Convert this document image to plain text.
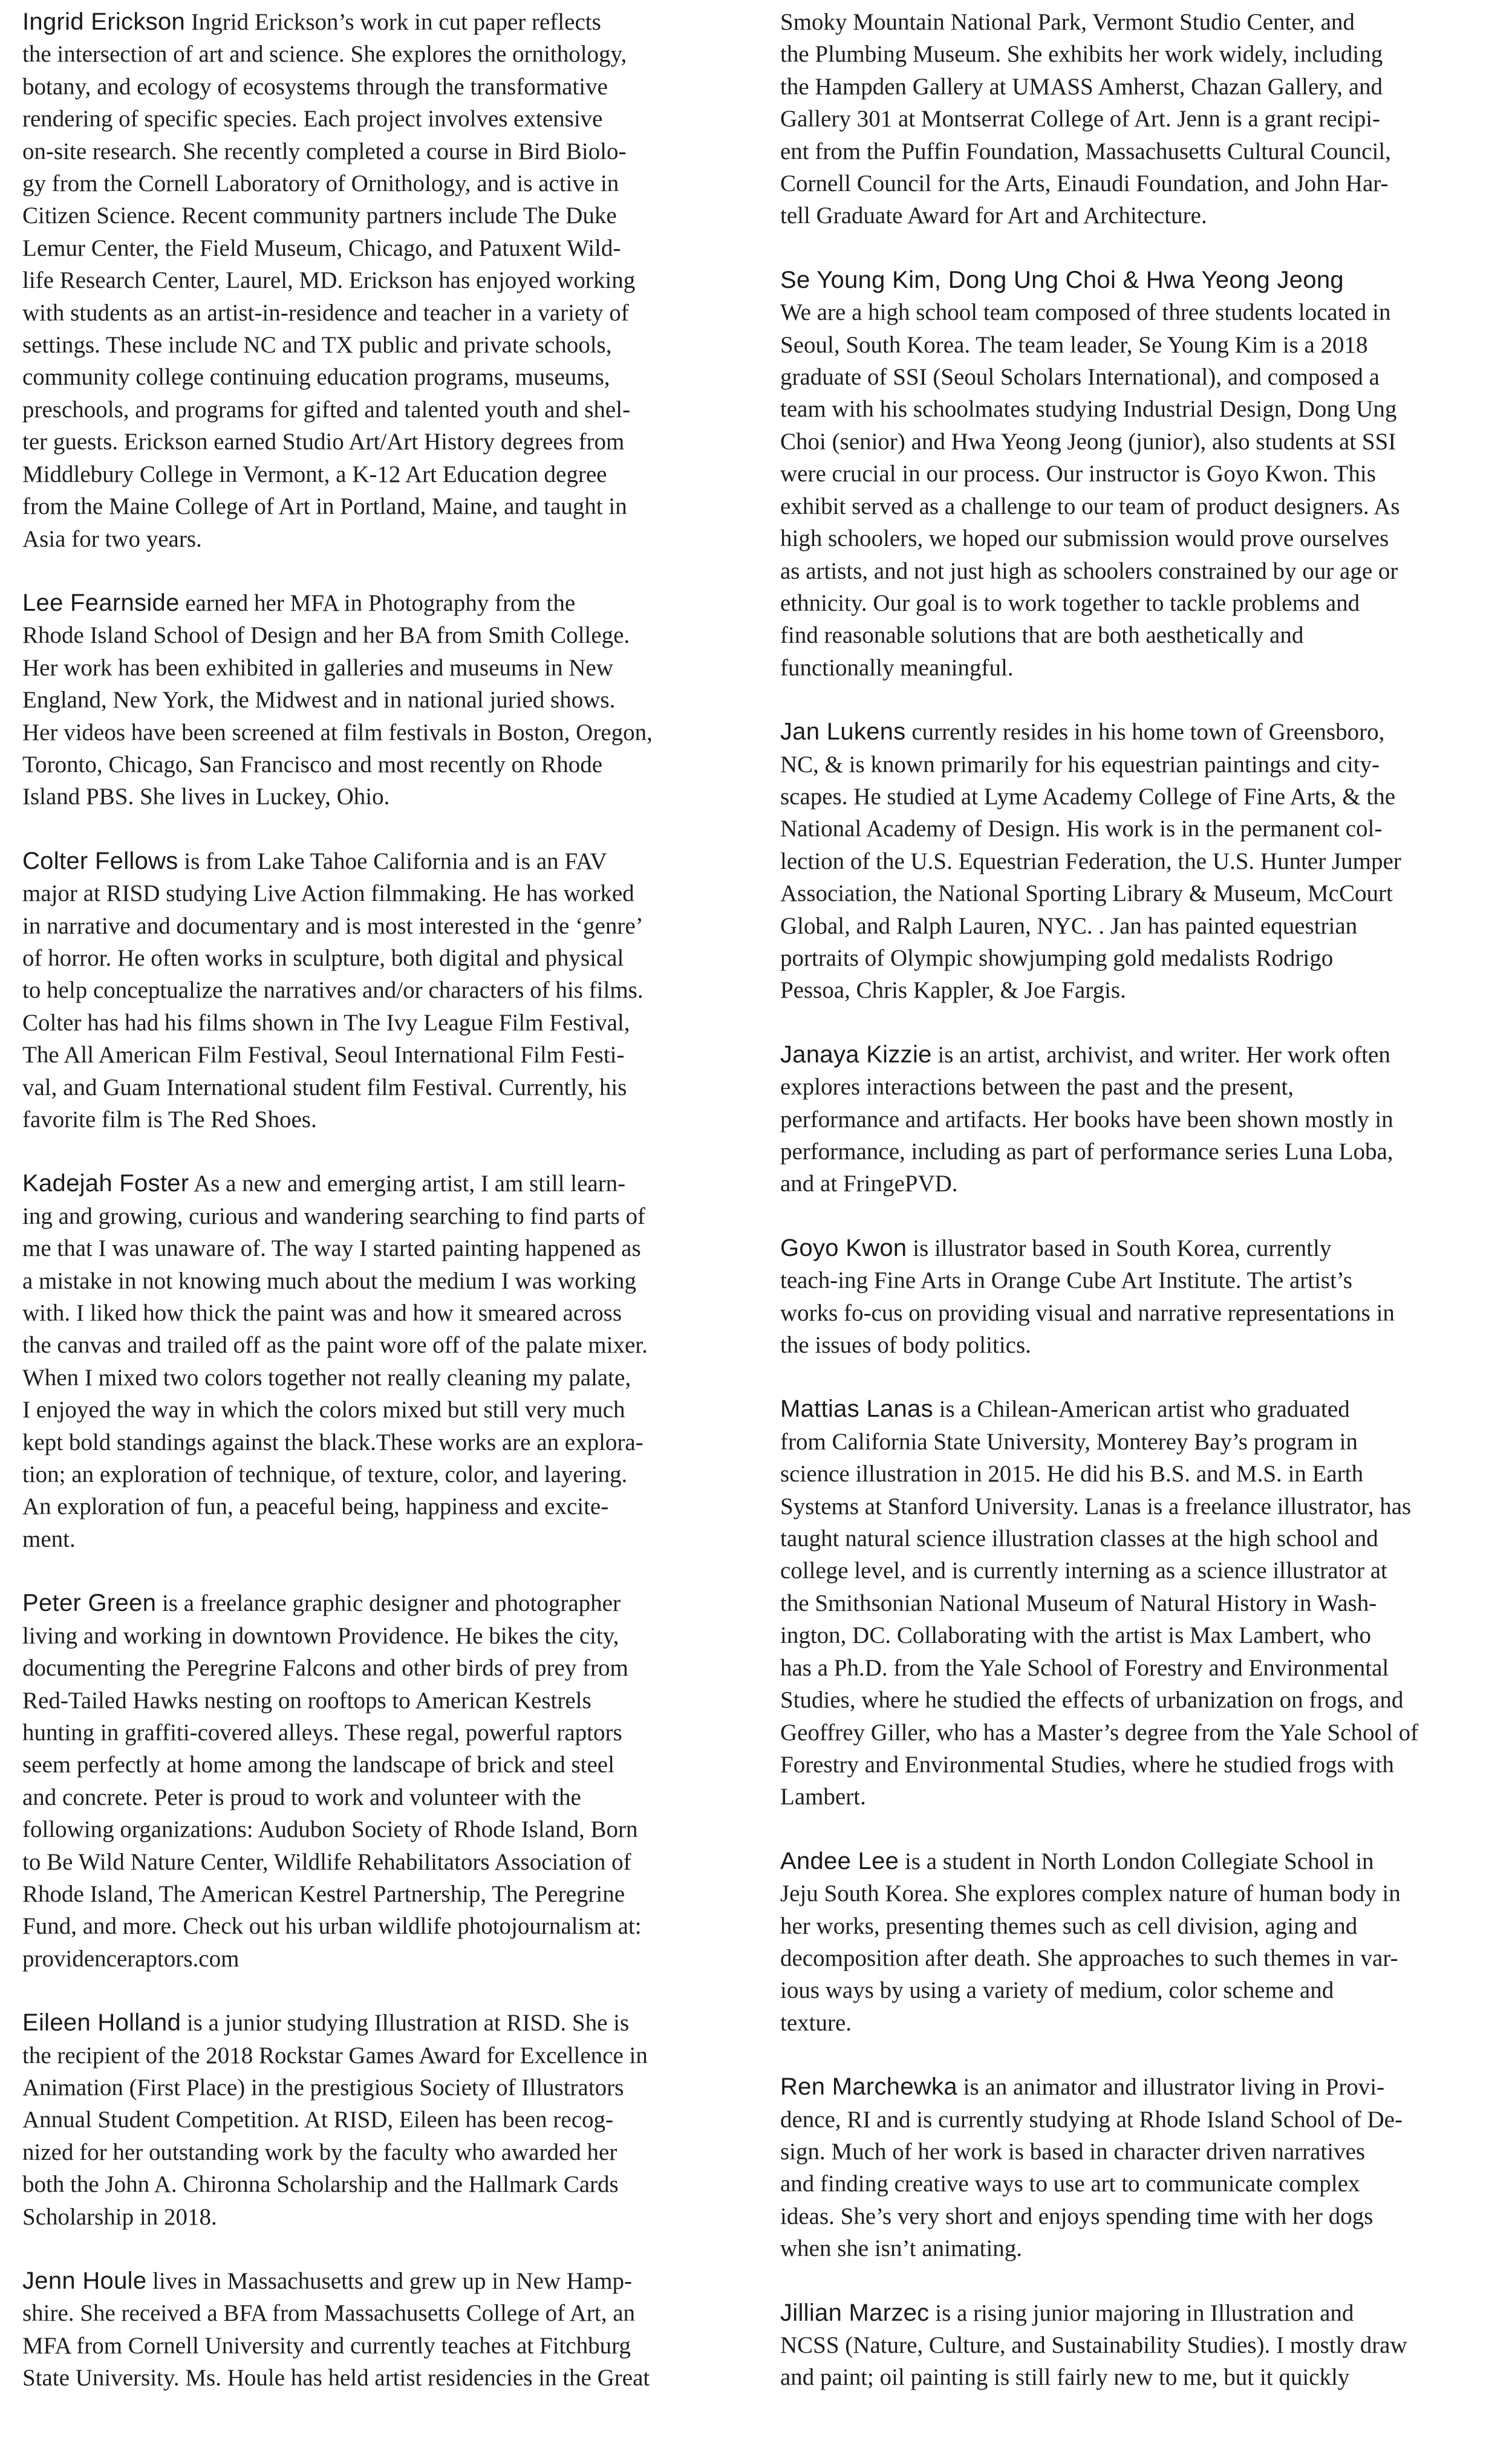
Ingrid Erickson Ingrid Erickson’s work in cut paper reflects

the intersection of art and science. She explores the ornithology,
botany, and ecology of ecosystems through the transformative
rendering of specific species. Each project involves extensive
on-site research. She recently completed a course in Bird Biolo-
gy from the Cornell Laboratory of Ornithology, and is active in
Citizen Science. Recent community partners include The Duke
Lemur Center, the Field Museum, Chicago, and Patuxent Wild-
life Research Center, Laurel, MD. Erickson has enjoyed working
with students as an artist-in-residence and teacher in a variety of
settings. These include NC and TX public and private schools,
community college continuing education programs, museums,
preschools, and programs for gifted and talented youth and shel-
ter guests. Erickson earned Studio Art/Art History degrees from
Middlebury College in Vermont, a K-12 Art Education degree
from the Maine College of Art in Portland, Maine, and taught in
Asia for two years.
Lee Fearnside earned her MFA in Photography from the

Rhode Island School of Design and her BA from Smith College.
Her work has been exhibited in galleries and museums in New
England, New York, the Midwest and in national juried shows.
Her videos have been screened at film festivals in Boston, Oregon,
Toronto, Chicago, San Francisco and most recently on Rhode
Island PBS. She lives in Luckey, Ohio.
Colter Fellows is from Lake Tahoe California and is an FAV

major at RISD studying Live Action filmmaking. He has worked
in narrative and documentary and is most interested in the ‘genre’
of horror. He often works in sculpture, both digital and physical
to help conceptualize the narratives and/or characters of his films.
Colter has had his films shown in The Ivy League Film Festival,
The All American Film Festival, Seoul International Film Festi-
val, and Guam International student film Festival. Currently, his
favorite film is The Red Shoes.
Kadejah Foster As a new and emerging artist, I am still learn-

ing and growing, curious and wandering searching to find parts of
me that I was unaware of. The way I started painting happened as
a mistake in not knowing much about the medium I was working
with. I liked how thick the paint was and how it smeared across
the canvas and trailed off as the paint wore off of the palate mixer.
When I mixed two colors together not really cleaning my palate,
I enjoyed the way in which the colors mixed but still very much
kept bold standings against the black.These works are an explora-
tion; an exploration of technique, of texture, color, and layering.
An exploration of fun, a peaceful being, happiness and excite-
ment.
Peter Green is a freelance graphic designer and photographer

living and working in downtown Providence. He bikes the city,
documenting the Peregrine Falcons and other birds of prey from
Red-Tailed Hawks nesting on rooftops to American Kestrels
hunting in graffiti-covered alleys. These regal, powerful raptors
seem perfectly at home among the landscape of brick and steel
and concrete. Peter is proud to work and volunteer with the
following organizations: Audubon Society of Rhode Island, Born
to Be Wild Nature Center, Wildlife Rehabilitators Association of
Rhode Island, The American Kestrel Partnership, The Peregrine
Fund, and more. Check out his urban wildlife photojournalism at:
providenceraptors.com
Eileen Holland is a junior studying Illustration at RISD. She is

the recipient of the 2018 Rockstar Games Award for Excellence in
Animation (First Place) in the prestigious Society of Illustrators
Annual Student Competition. At RISD, Eileen has been recog-
nized for her outstanding work by the faculty who awarded her
both the John A. Chironna Scholarship and the Hallmark Cards
Scholarship in 2018.
Jenn Houle lives in Massachusetts and grew up in New Hamp-

shire. She received a BFA from Massachusetts College of Art, an
MFA from Cornell University and currently teaches at Fitchburg
State University. Ms. Houle has held artist residencies in the Great
Smoky Mountain National Park, Vermont Studio Center, and
the Plumbing Museum. She exhibits her work widely, including
the Hampden Gallery at UMASS Amherst, Chazan Gallery, and
Gallery 301 at Montserrat College of Art. Jenn is a grant recipi-
ent from the Puffin Foundation, Massachusetts Cultural Council,
Cornell Council for the Arts, Einaudi Foundation, and John Har-
tell Graduate Award for Art and Architecture.
Se Young Kim, Dong Ung Choi & Hwa Yeong Jeong
We are a high school team composed of three students located in
Seoul, South Korea. The team leader, Se Young Kim is a 2018
graduate of SSI (Seoul Scholars International), and composed a
team with his schoolmates studying Industrial Design, Dong Ung
Choi (senior) and Hwa Yeong Jeong (junior), also students at SSI
were crucial in our process. Our instructor is Goyo Kwon. This
exhibit served as a challenge to our team of product designers. As
high schoolers, we hoped our submission would prove ourselves
as artists, and not just high as schoolers constrained by our age or
ethnicity. Our goal is to work together to tackle problems and
find reasonable solutions that are both aesthetically and
functionally meaningful.
Jan Lukens currently resides in his home town of Greensboro,

NC, & is known primarily for his equestrian paintings and city-
scapes. He studied at Lyme Academy College of Fine Arts, & the
National Academy of Design. His work is in the permanent col-
lection of the U.S. Equestrian Federation, the U.S. Hunter Jumper
Association, the National Sporting Library & Museum, McCourt
Global, and Ralph Lauren, NYC. . Jan has painted equestrian
portraits of Olympic showjumping gold medalists Rodrigo
Pessoa, Chris Kappler, & Joe Fargis.
Janaya Kizzie is an artist, archivist, and writer. Her work often

explores interactions between the past and the present,
performance and artifacts. Her books have been shown mostly in
performance, including as part of performance series Luna Loba,
and at FringePVD.
Goyo Kwon is illustrator based in South Korea, currently

teach-ing Fine Arts in Orange Cube Art Institute. The artist’s
works fo-cus on providing visual and narrative representations in
the issues of body politics.
Mattias Lanas is a Chilean-American artist who graduated

from California State University, Monterey Bay’s program in
science illustration in 2015. He did his B.S. and M.S. in Earth
Systems at Stanford University. Lanas is a freelance illustrator, has
taught natural science illustration classes at the high school and
college level, and is currently interning as a science illustrator at
the Smithsonian National Museum of Natural History in Wash-
ington, DC. Collaborating with the artist is Max Lambert, who
has a Ph.D. from the Yale School of Forestry and Environmental
Studies, where he studied the effects of urbanization on frogs, and
Geoffrey Giller, who has a Master’s degree from the Yale School of
Forestry and Environmental Studies, where he studied frogs with
Lambert.
Andee Lee is a student in North London Collegiate School in

Jeju South Korea. She explores complex nature of human body in
her works, presenting themes such as cell division, aging and
decomposition after death. She approaches to such themes in var-
ious ways by using a variety of medium, color scheme and
texture.
Ren Marchewka is an animator and illustrator living in Provi-

dence, RI and is currently studying at Rhode Island School of De-
sign. Much of her work is based in character driven narratives
and finding creative ways to use art to communicate complex
ideas. She’s very short and enjoys spending time with her dogs
when she isn’t animating.
Jillian Marzec is a rising junior majoring in Illustration and

NCSS (Nature, Culture, and Sustainability Studies). I mostly draw
and paint; oil painting is still fairly new to me, but it quickly
